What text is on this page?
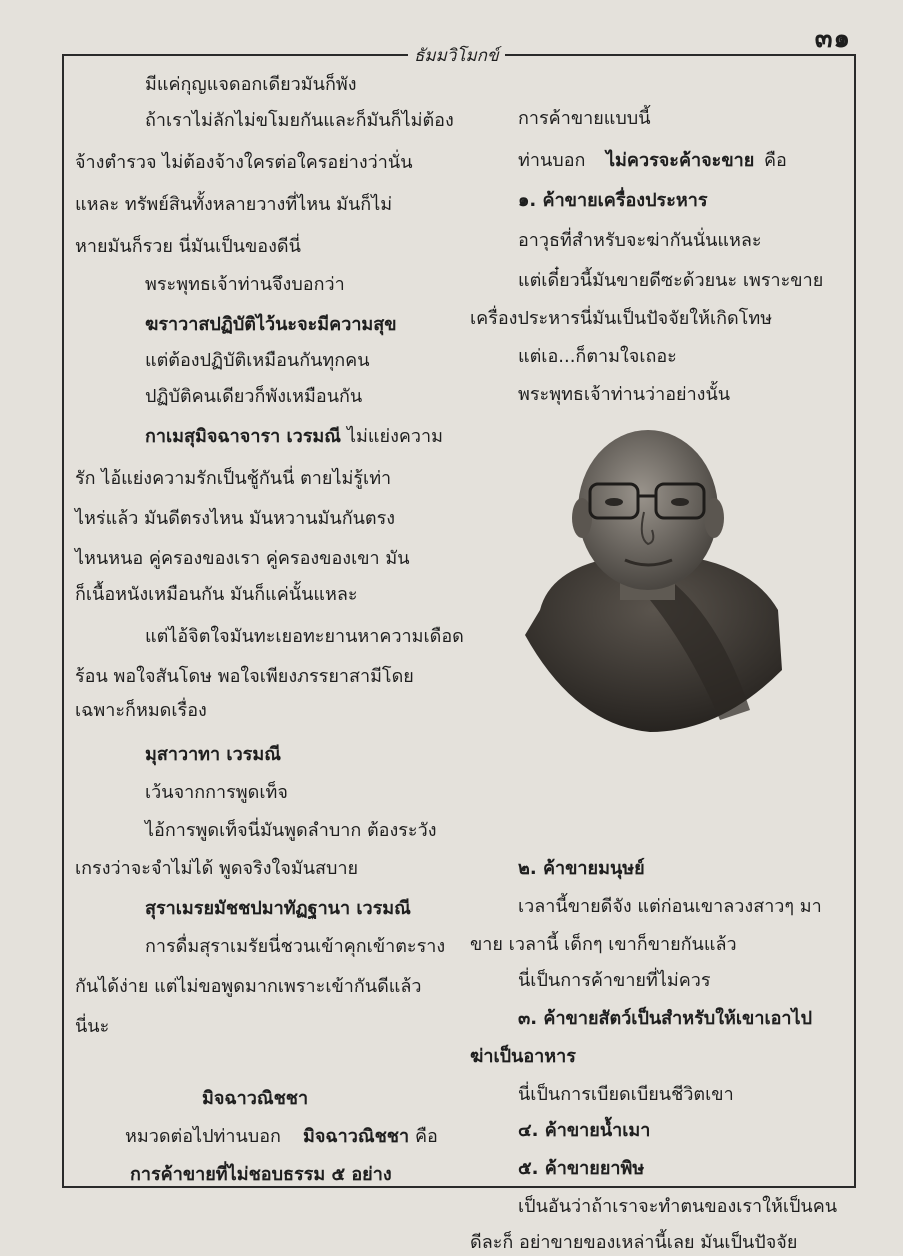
๓๑
ธัมมวิโมกข์
มีแค่กุญแจดอกเดียวมันก็พัง
ถ้าเราไม่ลักไม่ขโมยกันและก็มันก็ไม่ต้อง
จ้างตำรวจ ไม่ต้องจ้างใครต่อใครอย่างว่านั่น
แหละ ทรัพย์สินทั้งหลายวางที่ไหน มันก็ไม่
หายมันก็รวย นี่มันเป็นของดีนี่
พระพุทธเจ้าท่านจึงบอกว่า
ฆราวาสปฏิบัติไว้นะจะมีความสุข
แต่ต้องปฏิบัติเหมือนกันทุกคน
ปฏิบัติคนเดียวก็พังเหมือนกัน
กาเมสุมิจฉาจารา เวรมณี ไม่แย่งความ
รัก ไอ้แย่งความรักเป็นชู้กันนี่ ตายไม่รู้เท่า
ไหร่แล้ว มันดีตรงไหน มันหวานมันกันตรง
ไหนหนอ คู่ครองของเรา คู่ครองของเขา มัน
ก็เนื้อหนังเหมือนกัน มันก็แค่นั้นแหละ
แต่ไอ้จิตใจมันทะเยอทะยานหาความเดือด
ร้อน พอใจสันโดษ พอใจเพียงภรรยาสามีโดย
เฉพาะก็หมดเรื่อง
มุสาวาทา เวรมณี
เว้นจากการพูดเท็จ
ไอ้การพูดเท็จนี่มันพูดลำบาก ต้องระวัง
เกรงว่าจะจำไม่ได้ พูดจริงใจมันสบาย
สุราเมรยมัชชปมาทัฏฐานา เวรมณี
การดื่มสุราเมรัยนี่ชวนเข้าคุกเข้าตะราง
กันได้ง่าย แต่ไม่ขอพูดมากเพราะเข้ากันดีแล้ว
นี่นะ
มิจฉาวณิชชา
หมวดต่อไปท่านบอก มิจฉาวณิชชา คือ
การค้าขายที่ไม่ชอบธรรม ๕ อย่าง
การค้าขายแบบนี้
ท่านบอก ไม่ควรจะค้าจะขาย คือ
๑. ค้าขายเครื่องประหาร
อาวุธที่สำหรับจะฆ่ากันนั่นแหละ
แต่เดี๋ยวนี้มันขายดีซะด้วยนะ เพราะขาย
เครื่องประหารนี่มันเป็นปัจจัยให้เกิดโทษ
แต่เอ...ก็ตามใจเถอะ
พระพุทธเจ้าท่านว่าอย่างนั้น
๒. ค้าขายมนุษย์
เวลานี้ขายดีจัง แต่ก่อนเขาลวงสาวๆ มา
ขาย เวลานี้ เด็กๆ เขาก็ขายกันแล้ว
นี่เป็นการค้าขายที่ไม่ควร
๓. ค้าขายสัตว์เป็นสำหรับให้เขาเอาไป
ฆ่าเป็นอาหาร
นี่เป็นการเบียดเบียนชีวิตเขา
๔. ค้าขายน้ำเมา
๕. ค้าขายยาพิษ
เป็นอันว่าถ้าเราจะทำตนของเราให้เป็นคน
ดีละก็ อย่าขายของเหล่านี้เลย มันเป็นปัจจัย
